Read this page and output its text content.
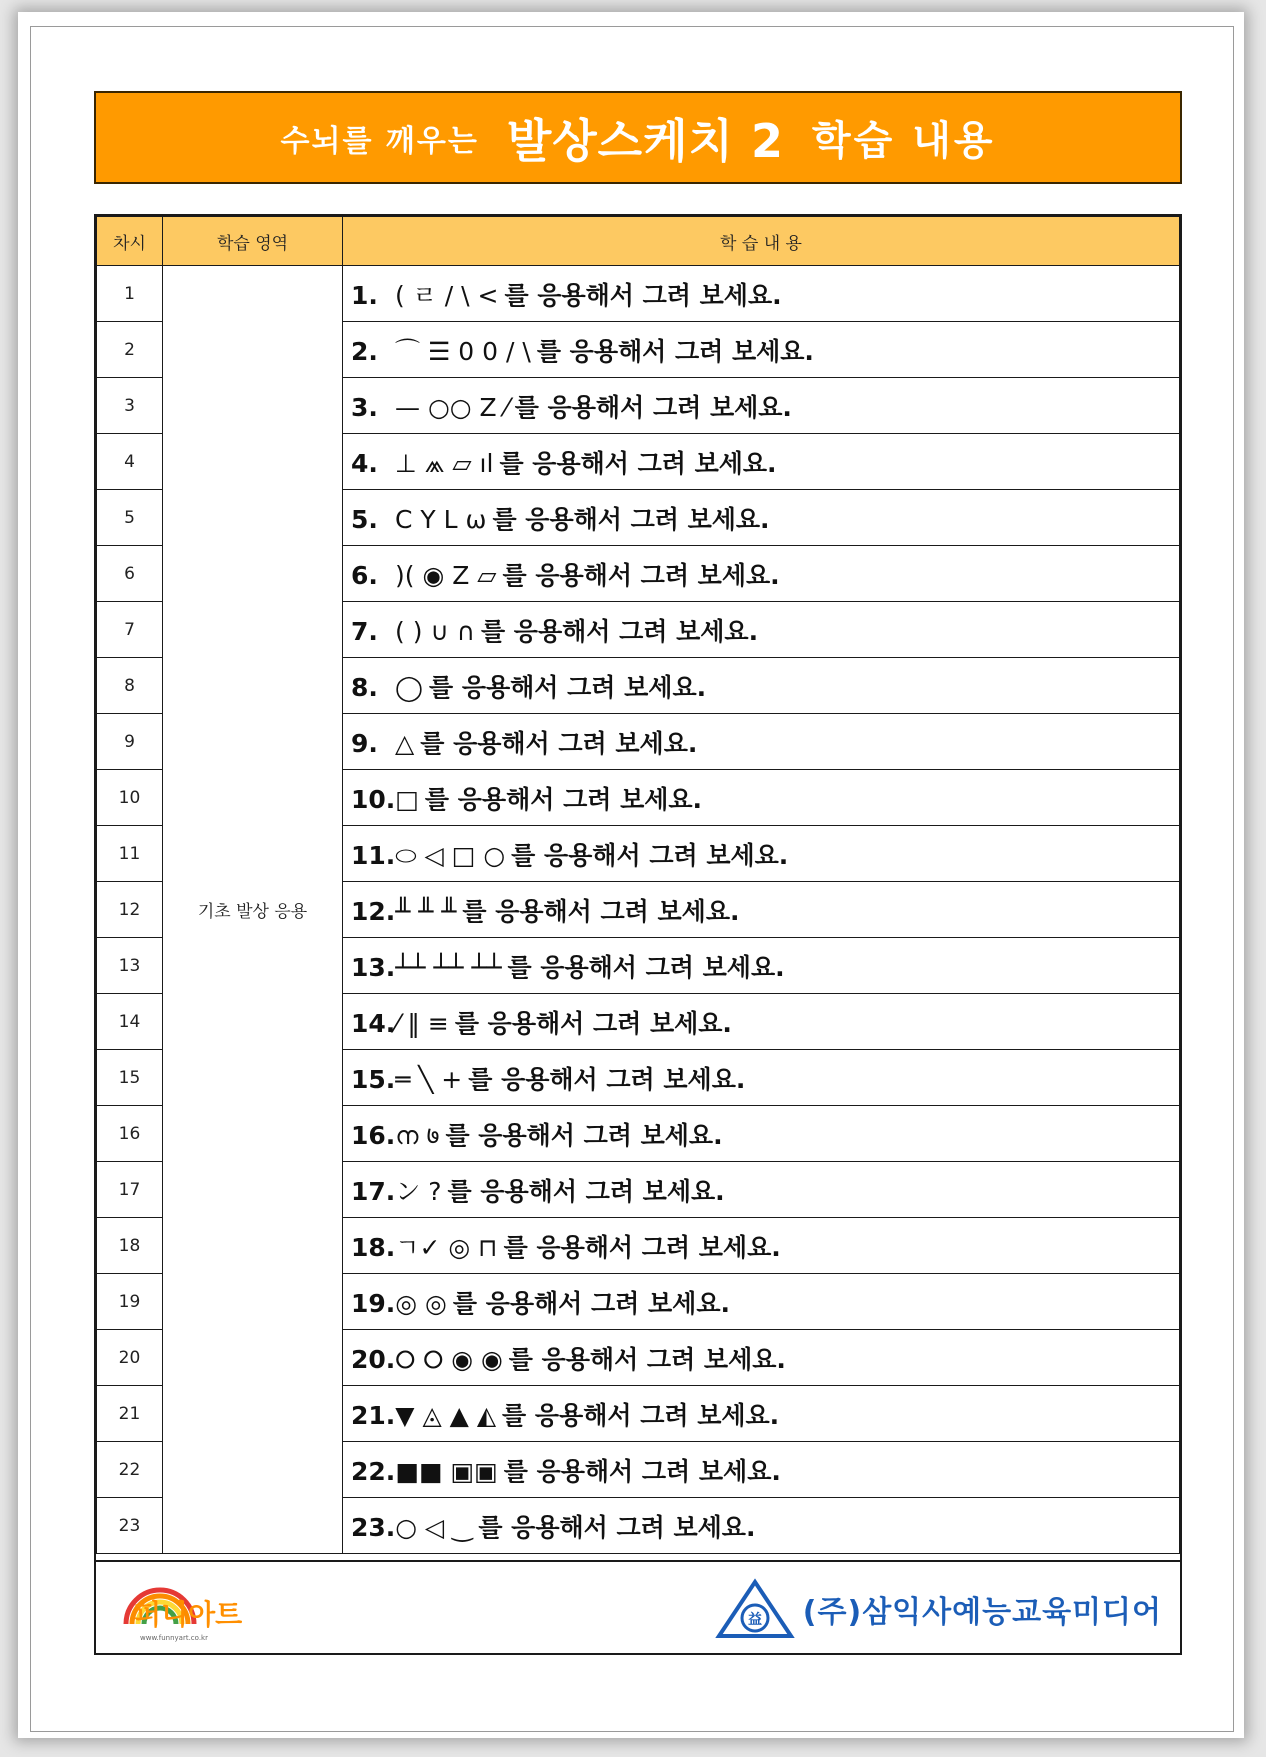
수뇌를 깨우는 발상스케치 2 학습 내용
차시	학습 영역	학 습 내 용
1	기초 발상 응용	1. ( ㄹ / \ < 를 응용해서 그려 보세요.
2		2. ⌒ ☰ 0 0 / \ 를 응용해서 그려 보세요.
3		3. — ○○ Z ⁄ 를 응용해서 그려 보세요.
4		4. ⊥ ⩕ ▱ ıl 를 응용해서 그려 보세요.
5		5. C Y L ω 를 응용해서 그려 보세요.
6		6. )( ◉ Z ▱ 를 응용해서 그려 보세요.
7		7. ( ) ∪ ∩ 를 응용해서 그려 보세요.
8		8. ◯ 를 응용해서 그려 보세요.
9		9. △ 를 응용해서 그려 보세요.
10		10.□ 를 응용해서 그려 보세요.
11		11.⬭ ◁ □ ○ 를 응용해서 그려 보세요.
12		12.╨ ╨ ╨ 를 응용해서 그려 보세요.
13		13.┴┴ ┴┴ ┴┴ 를 응용해서 그려 보세요.
14		14.⁄ ‖ ≡ 를 응용해서 그려 보세요.
15		15.═ ╲ + 를 응용해서 그려 보세요.
16		16.ന ७ 를 응용해서 그려 보세요.
17		17.ン ? 를 응용해서 그려 보세요.
18		18.ㄱ✓ ◎ ⊓ 를 응용해서 그려 보세요.
19		19.◎ ◎ 를 응용해서 그려 보세요.
20		20.⭘ ⭘ ◉ ◉ 를 응용해서 그려 보세요.
21		21.▼ ◬ ▲ ◭ 를 응용해서 그려 보세요.
22		22.■■ ▣▣ 를 응용해서 그려 보세요.
23		23.○ ◁ ‿ 를 응용해서 그려 보세요.
퍼니아트
www.funnyart.co.kr
益 (주)삼익사예능교육미디어
